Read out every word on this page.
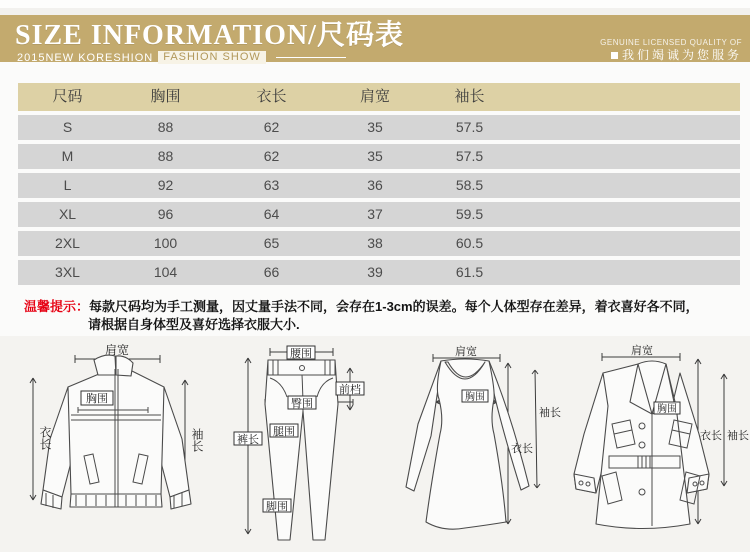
SIZE INFORMATION/尺码表
2015NEW KORESHION FASHION SHOW
GENUINE LICENSED QUALITY OF
我们竭诚为您服务
尺码	胸围	衣长	肩宽	袖长
S	88	62	35	57.5
M	88	62	35	57.5
L	92	63	36	58.5
XL	96	64	37	59.5
2XL	100	65	38	60.5
3XL	104	66	39	61.5
温馨提示：每款尺码均为手工测量，因丈量手法不同，会存在1-3cm的误差。每个人体型存在差异，着衣喜好各不同，
请根据自身体型及喜好选择衣服大小.
肩宽
胸围
衣长	袖长
腰围
前档
臀围
腿围
裤长
脚围
肩宽
胸围
袖长
衣长
肩宽
胸围
衣长 袖长
